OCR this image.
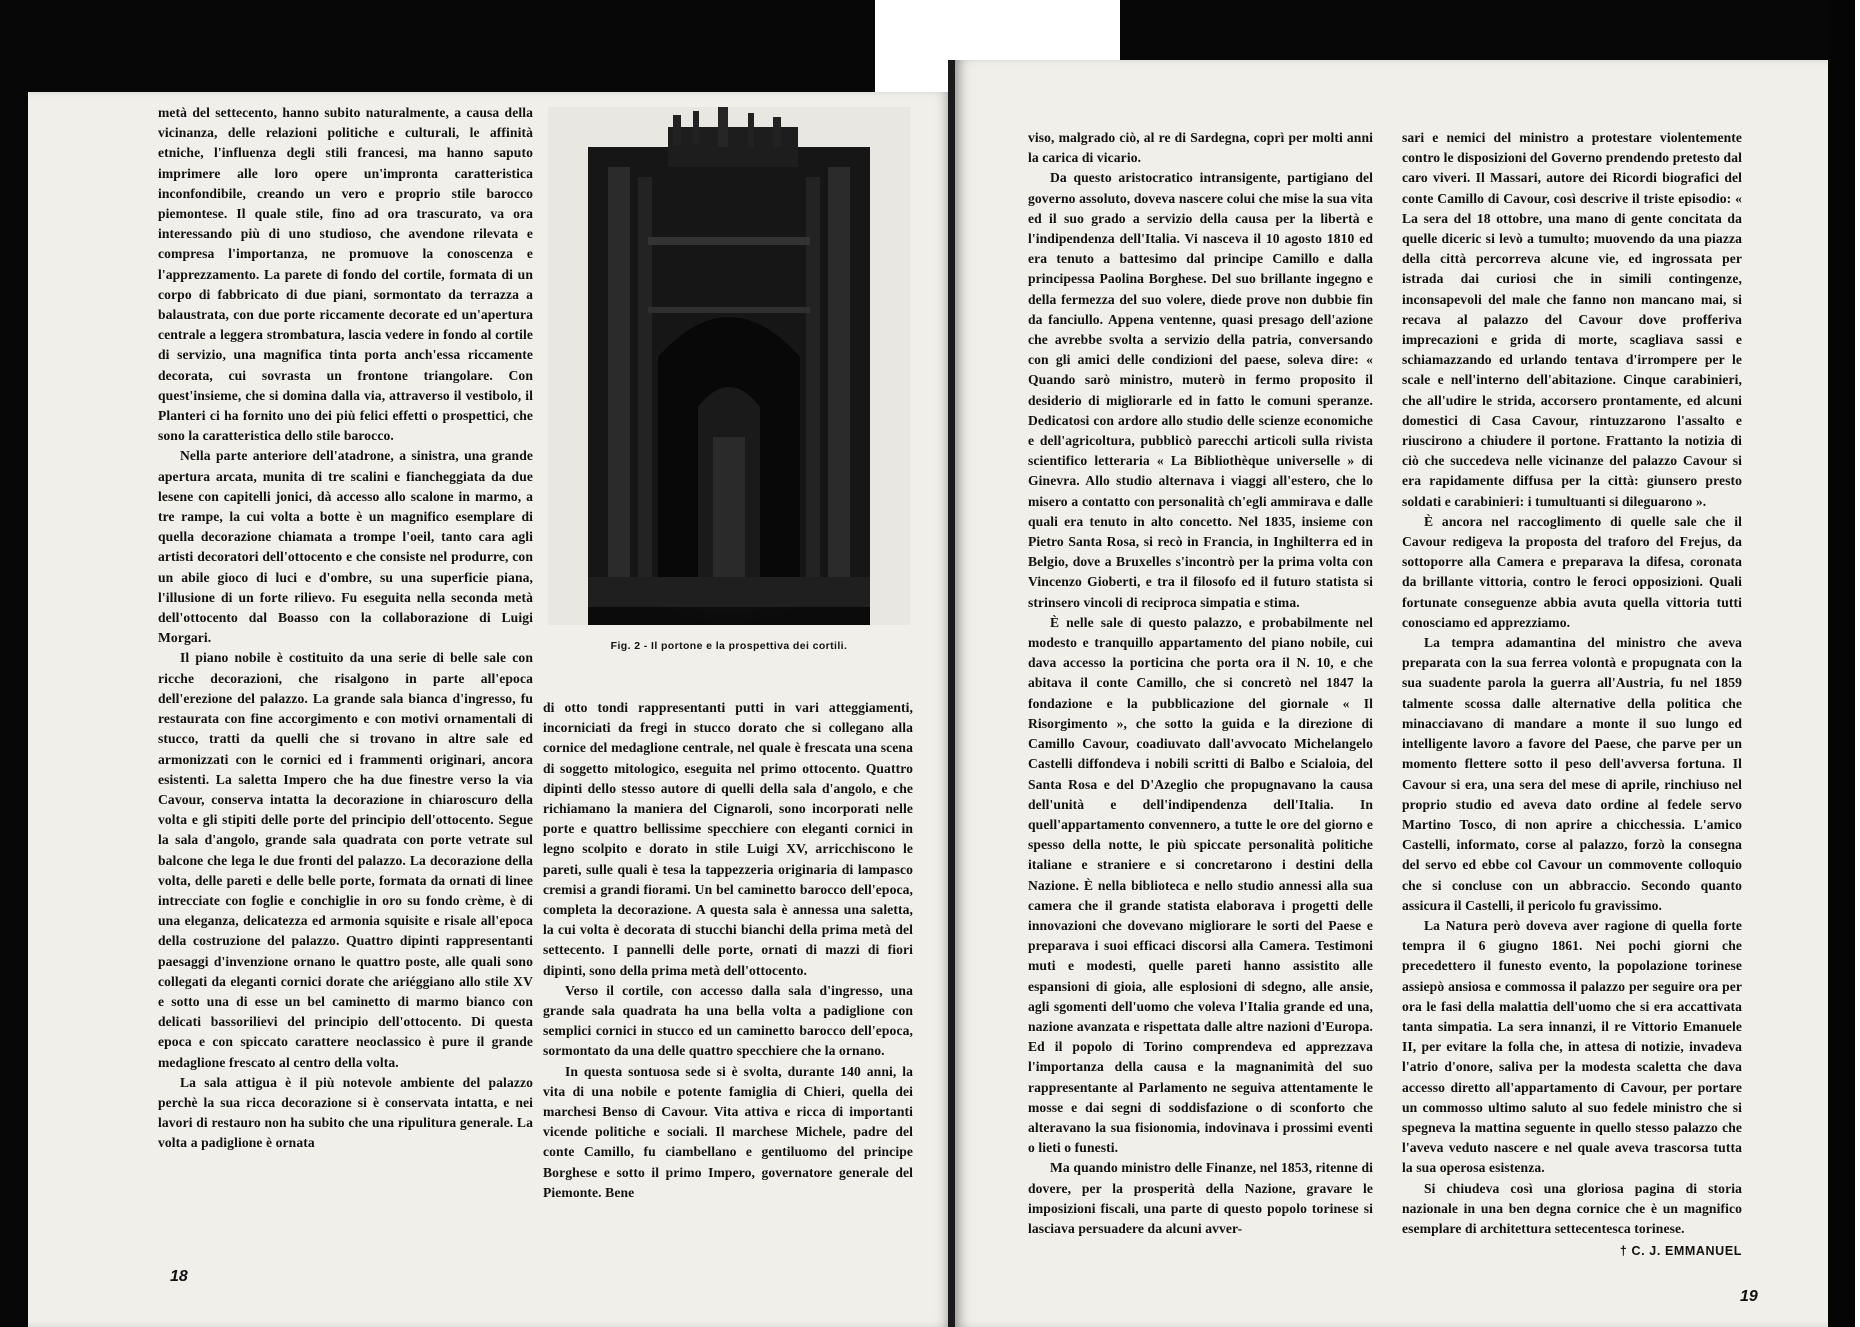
metà del settecento, hanno subito naturalmente, a causa della vicinanza, delle relazioni politiche e culturali, le affinità etniche, l'influenza degli stili francesi, ma hanno saputo imprimere alle loro opere un'impronta caratteristica inconfondibile, creando un vero e proprio stile barocco piemontese. Il quale stile, fino ad ora trascurato, va ora interessando più di uno studioso, che avendone rilevata e compresa l'importanza, ne promuove la conoscenza e l'apprezzamento. La parete di fondo del cortile, formata di un corpo di fabbricato di due piani, sormontato da terrazza a balaustrata, con due porte riccamente decorate ed un'apertura centrale a leggera strombatura, lascia vedere in fondo al cortile di servizio, una magnifica tinta porta anch'essa riccamente decorata, cui sovrasta un frontone triangolare. Con quest'insieme, che si domina dalla via, attraverso il vestibolo, il Planteri ci ha fornito uno dei più felici effetti o prospettici, che sono la caratteristica dello stile barocco.

Nella parte anteriore dell'atadrone, a sinistra, una grande apertura arcata, munita di tre scalini e fiancheggiata da due lesene con capitelli jonici, dà accesso allo scalone in marmo, a tre rampe, la cui volta a botte è un magnifico esemplare di quella decorazione chiamata a trompe l'oeil, tanto cara agli artisti decoratori dell'ottocento e che consiste nel produrre, con un abile gioco di luci e d'ombre, su una superficie piana, l'illusione di un forte rilievo. Fu eseguita nella seconda metà dell'ottocento dal Boasso con la collaborazione di Luigi Morgari.

Il piano nobile è costituito da una serie di belle sale con ricche decorazioni, che risalgono in parte all'epoca dell'erezione del palazzo. La grande sala bianca d'ingresso, fu restaurata con fine accorgimento e con motivi ornamentali di stucco, tratti da quelli che si trovano in altre sale ed armonizzati con le cornici ed i frammenti originari, ancora esistenti. La saletta Impero che ha due finestre verso la via Cavour, conserva intatta la decorazione in chiaroscuro della volta e gli stipiti delle porte del principio dell'ottocento. Segue la sala d'angolo, grande sala quadrata con porte vetrate sul balcone che lega le due fronti del palazzo. La decorazione della volta, delle pareti e delle belle porte, formata da ornati di linee intrecciate con foglie e conchiglie in oro su fondo crème, è di una eleganza, delicatezza ed armonia squisite e risale all'epoca della costruzione del palazzo. Quattro dipinti rappresentanti paesaggi d'invenzione ornano le quattro poste, alle quali sono collegati da eleganti cornici dorate che ariéggiano allo stile XV e sotto una di esse un bel caminetto di marmo bianco con delicati bassorilievi del principio dell'ottocento. Di questa epoca e con spiccato carattere neoclassico è pure il grande medaglione frescato al centro della volta.

La sala attigua è il più notevole ambiente del palazzo perchè la sua ricca decorazione si è conservata intatta, e nei lavori di restauro non ha subito che una ripulitura generale. La volta a padiglione è ornata

Fig. 2 - Il portone e la prospettiva dei cortili.

di otto tondi rappresentanti putti in vari atteggiamenti, incorniciati da fregi in stucco dorato che si collegano alla cornice del medaglione centrale, nel quale è frescata una scena di soggetto mitologico, eseguita nel primo ottocento. Quattro dipinti dello stesso autore di quelli della sala d'angolo, e che richiamano la maniera del Cignaroli, sono incorporati nelle porte e quattro bellissime specchiere con eleganti cornici in legno scolpito e dorato in stile Luigi XV, arricchiscono le pareti, sulle quali è tesa la tappezzeria originaria di lampasco cremisi a grandi fiorami. Un bel caminetto barocco dell'epoca, completa la decorazione. A questa sala è annessa una saletta, la cui volta è decorata di stucchi bianchi della prima metà del settecento. I pannelli delle porte, ornati di mazzi di fiori dipinti, sono della prima metà dell'ottocento.

Verso il cortile, con accesso dalla sala d'ingresso, una grande sala quadrata ha una bella volta a padiglione con semplici cornici in stucco ed un caminetto barocco dell'epoca, sormontato da una delle quattro specchiere che la ornano.

In questa sontuosa sede si è svolta, durante 140 anni, la vita di una nobile e potente famiglia di Chieri, quella dei marchesi Benso di Cavour. Vita attiva e ricca di importanti vicende politiche e sociali. Il marchese Michele, padre del conte Camillo, fu ciambellano e gentiluomo del principe Borghese e sotto il primo Impero, governatore generale del Piemonte. Bene

18

viso, malgrado ciò, al re di Sardegna, coprì per molti anni la carica di vicario.

Da questo aristocratico intransigente, partigiano del governo assoluto, doveva nascere colui che mise la sua vita ed il suo grado a servizio della causa per la libertà e l'indipendenza dell'Italia. Vi nasceva il 10 agosto 1810 ed era tenuto a battesimo dal principe Camillo e dalla principessa Paolina Borghese. Del suo brillante ingegno e della fermezza del suo volere, diede prove non dubbie fin da fanciullo. Appena ventenne, quasi presago dell'azione che avrebbe svolta a servizio della patria, conversando con gli amici delle condizioni del paese, soleva dire: « Quando sarò ministro, muterò in fermo proposito il desiderio di migliorarle ed in fatto le comuni speranze. Dedicatosi con ardore allo studio delle scienze economiche e dell'agricoltura, pubblicò parecchi articoli sulla rivista scientifico letteraria « La Bibliothèque universelle » di Ginevra. Allo studio alternava i viaggi all'estero, che lo misero a contatto con personalità ch'egli ammirava e dalle quali era tenuto in alto concetto. Nel 1835, insieme con Pietro Santa Rosa, si recò in Francia, in Inghilterra ed in Belgio, dove a Bruxelles s'incontrò per la prima volta con Vincenzo Gioberti, e tra il filosofo ed il futuro statista si strinsero vincoli di reciproca simpatia e stima.

È nelle sale di questo palazzo, e probabilmente nel modesto e tranquillo appartamento del piano nobile, cui dava accesso la porticina che porta ora il N. 10, e che abitava il conte Camillo, che si concretò nel 1847 la fondazione e la pubblicazione del giornale « Il Risorgimento », che sotto la guida e la direzione di Camillo Cavour, coadiuvato dall'avvocato Michelangelo Castelli diffondeva i nobili scritti di Balbo e Scialoia, del Santa Rosa e del D'Azeglio che propugnavano la causa dell'unità e dell'indipendenza dell'Italia. In quell'appartamento convennero, a tutte le ore del giorno e spesso della notte, le più spiccate personalità politiche italiane e straniere e si concretarono i destini della Nazione. È nella biblioteca e nello studio annessi alla sua camera che il grande statista elaborava i progetti delle innovazioni che dovevano migliorare le sorti del Paese e preparava i suoi efficaci discorsi alla Camera. Testimoni muti e modesti, quelle pareti hanno assistito alle espansioni di gioia, alle esplosioni di sdegno, alle ansie, agli sgomenti dell'uomo che voleva l'Italia grande ed una, nazione avanzata e rispettata dalle altre nazioni d'Europa. Ed il popolo di Torino comprendeva ed apprezzava l'importanza della causa e la magnanimità del suo rappresentante al Parlamento ne seguiva attentamente le mosse e dai segni di soddisfazione o di sconforto che alteravano la sua fisionomia, indovinava i prossimi eventi o lieti o funesti.

Ma quando ministro delle Finanze, nel 1853, ritenne di dovere, per la prosperità della Nazione, gravare le imposizioni fiscali, una parte di questo popolo torinese si lasciava persuadere da alcuni avver-

sari e nemici del ministro a protestare violentemente contro le disposizioni del Governo prendendo pretesto dal caro viveri. Il Massari, autore dei Ricordi biografici del conte Camillo di Cavour, così descrive il triste episodio: « La sera del 18 ottobre, una mano di gente concitata da quelle diceric si levò a tumulto; muovendo da una piazza della città percorreva alcune vie, ed ingrossata per istrada dai curiosi che in simili contingenze, inconsapevoli del male che fanno non mancano mai, si recava al palazzo del Cavour dove profferiva imprecazioni e grida di morte, scagliava sassi e schiamazzando ed urlando tentava d'irrompere per le scale e nell'interno dell'abitazione. Cinque carabinieri, che all'udire le strida, accorsero prontamente, ed alcuni domestici di Casa Cavour, rintuzzarono l'assalto e riuscirono a chiudere il portone. Frattanto la notizia di ciò che succedeva nelle vicinanze del palazzo Cavour si era rapidamente diffusa per la città: giunsero presto soldati e carabinieri: i tumultuanti si dileguarono ».

È ancora nel raccoglimento di quelle sale che il Cavour redigeva la proposta del traforo del Frejus, da sottoporre alla Camera e preparava la difesa, coronata da brillante vittoria, contro le feroci opposizioni. Quali fortunate conseguenze abbia avuta quella vittoria tutti conosciamo ed apprezziamo.

La tempra adamantina del ministro che aveva preparata con la sua ferrea volontà e propugnata con la sua suadente parola la guerra all'Austria, fu nel 1859 talmente scossa dalle alternative della politica che minacciavano di mandare a monte il suo lungo ed intelligente lavoro a favore del Paese, che parve per un momento flettere sotto il peso dell'avversa fortuna. Il Cavour si era, una sera del mese di aprile, rinchiuso nel proprio studio ed aveva dato ordine al fedele servo Martino Tosco, di non aprire a chicchessia. L'amico Castelli, informato, corse al palazzo, forzò la consegna del servo ed ebbe col Cavour un commovente colloquio che si concluse con un abbraccio. Secondo quanto assicura il Castelli, il pericolo fu gravissimo.

La Natura però doveva aver ragione di quella forte tempra il 6 giugno 1861. Nei pochi giorni che precedettero il funesto evento, la popolazione torinese assiepò ansiosa e commossa il palazzo per seguire ora per ora le fasi della malattia dell'uomo che si era accattivata tanta simpatia. La sera innanzi, il re Vittorio Emanuele II, per evitare la folla che, in attesa di notizie, invadeva l'atrio d'onore, saliva per la modesta scaletta che dava accesso diretto all'appartamento di Cavour, per portare un commosso ultimo saluto al suo fedele ministro che si spegneva la mattina seguente in quello stesso palazzo che l'aveva veduto nascere e nel quale aveva trascorsa tutta la sua operosa esistenza.

Si chiudeva così una gloriosa pagina di storia nazionale in una ben degna cornice che è un magnifico esemplare di architettura settecentesca torinese.

† C. J. EMMANUEL
19
